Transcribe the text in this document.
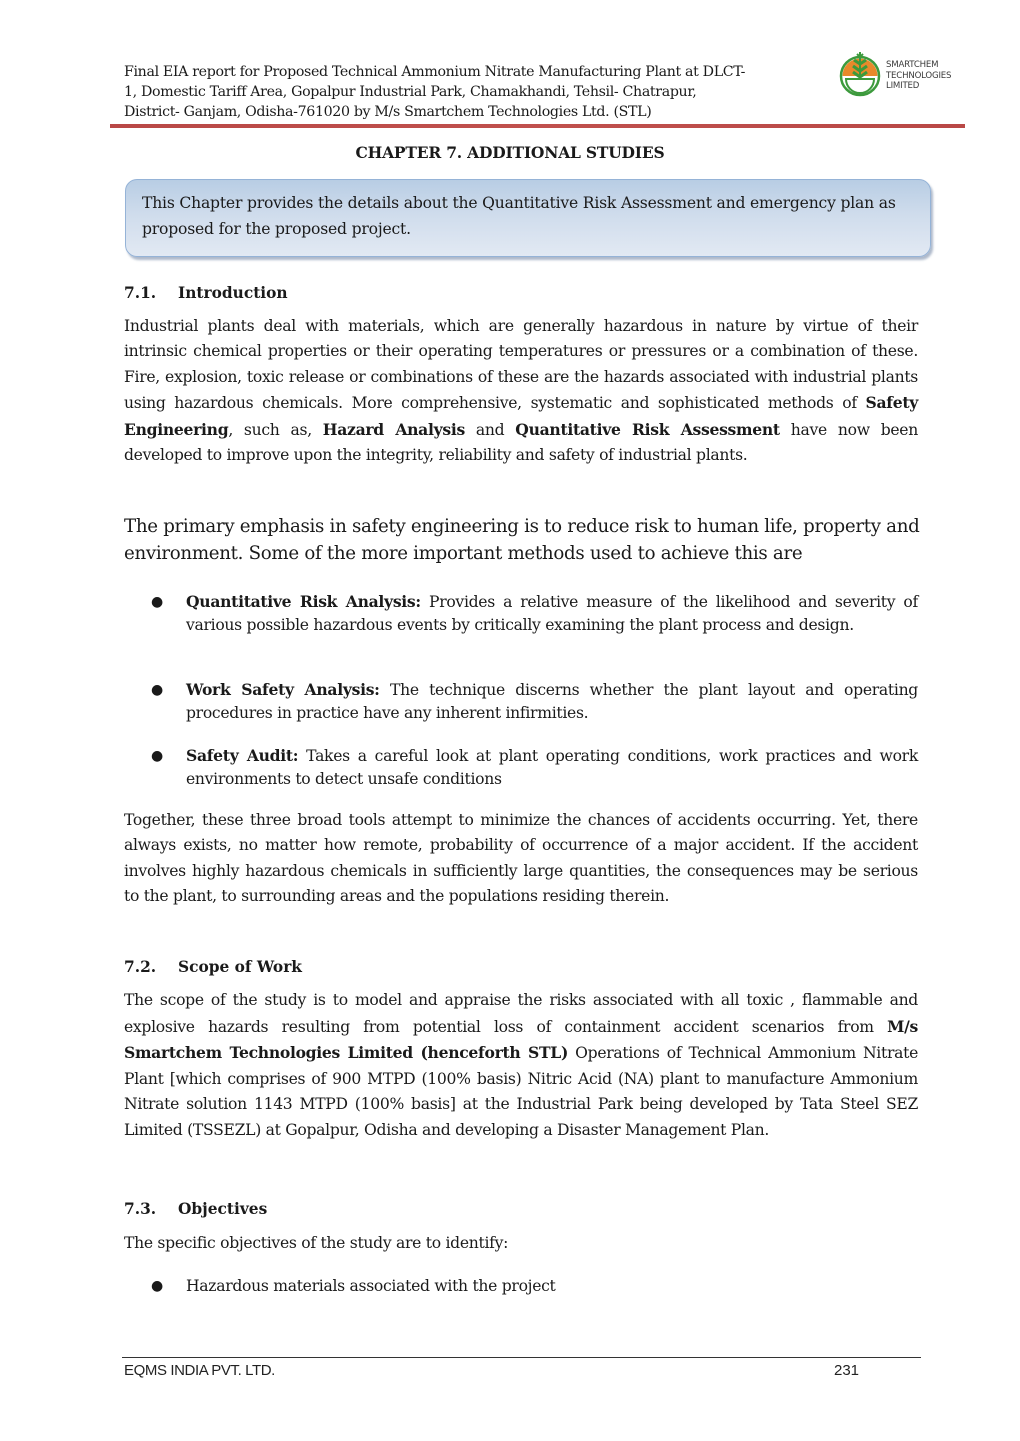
Final EIA report for Proposed Technical Ammonium Nitrate Manufacturing Plant at DLCT-
1, Domestic Tariff Area, Gopalpur Industrial Park, Chamakhandi, Tehsil- Chatrapur,
District- Ganjam, Odisha-761020 by M/s Smartchem Technologies Ltd. (STL)
SMARTCHEM
TECHNOLOGIES
LIMITED
CHAPTER 7. ADDITIONAL STUDIES
This Chapter provides the details about the Quantitative Risk Assessment and emergency plan as proposed for the proposed project.
7.1. Introduction
Industrial plants deal with materials, which are generally hazardous in nature by virtue of their intrinsic chemical properties or their operating temperatures or pressures or a combination of these. Fire, explosion, toxic release or combinations of these are the hazards associated with industrial plants using hazardous chemicals. More comprehensive, systematic and sophisticated methods of Safety Engineering, such as, Hazard Analysis and Quantitative Risk Assessment have now been developed to improve upon the integrity, reliability and safety of industrial plants.
The primary emphasis in safety engineering is to reduce risk to human life, property and environment. Some of the more important methods used to achieve this are
● Quantitative Risk Analysis: Provides a relative measure of the likelihood and severity of various possible hazardous events by critically examining the plant process and design.
● Work Safety Analysis: The technique discerns whether the plant layout and operating procedures in practice have any inherent infirmities.
● Safety Audit: Takes a careful look at plant operating conditions, work practices and work environments to detect unsafe conditions
Together, these three broad tools attempt to minimize the chances of accidents occurring. Yet, there always exists, no matter how remote, probability of occurrence of a major accident. If the accident involves highly hazardous chemicals in sufficiently large quantities, the consequences may be serious to the plant, to surrounding areas and the populations residing therein.
7.2. Scope of Work
The scope of the study is to model and appraise the risks associated with all toxic , flammable and explosive hazards resulting from potential loss of containment accident scenarios from M/s Smartchem Technologies Limited (henceforth STL) Operations of Technical Ammonium Nitrate Plant [which comprises of 900 MTPD (100% basis) Nitric Acid (NA) plant to manufacture Ammonium Nitrate solution 1143 MTPD (100% basis] at the Industrial Park being developed by Tata Steel SEZ Limited (TSSEZL) at Gopalpur, Odisha and developing a Disaster Management Plan.
7.3. Objectives
The specific objectives of the study are to identify:
● Hazardous materials associated with the project
EQMS INDIA PVT. LTD.	231
